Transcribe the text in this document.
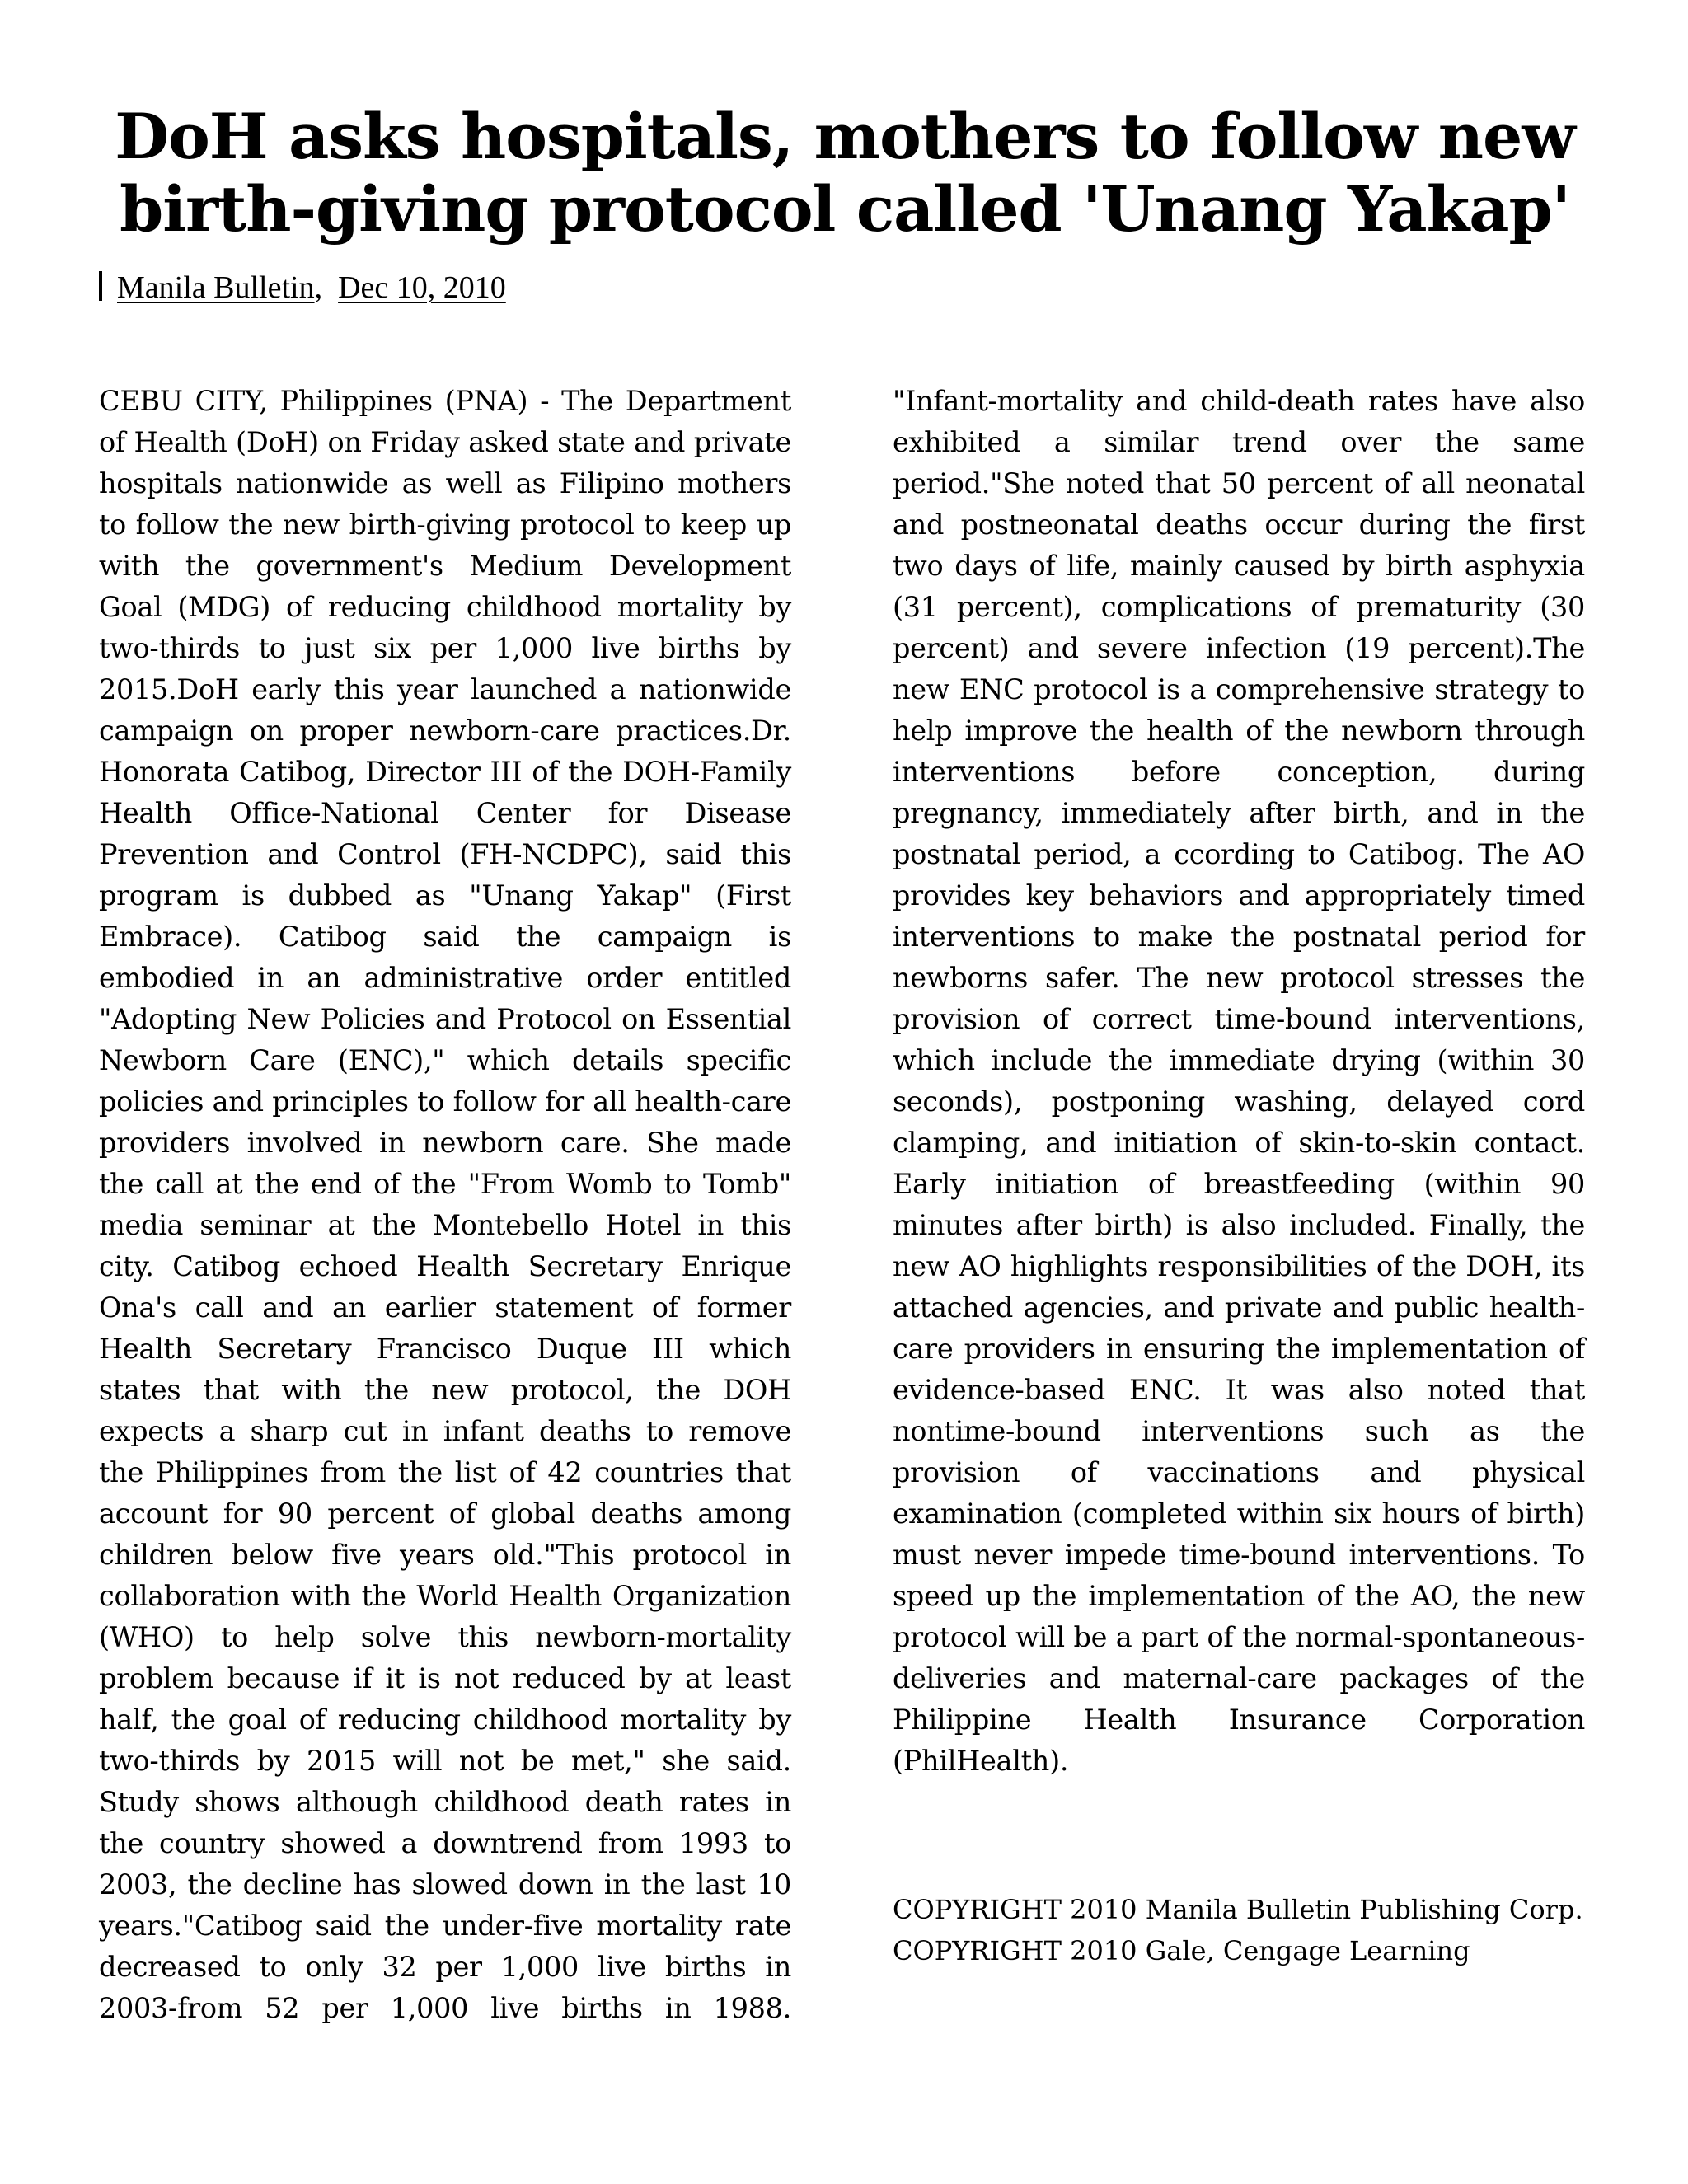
DoH asks hospitals, mothers to follow new birth-giving protocol called 'Unang Yakap'
Manila Bulletin, Dec 10, 2010

CEBU CITY, Philippines (PNA) - The Department of Health (DoH) on Friday asked state and private hospitals nationwide as well as Filipino mothers to follow the new birth-giving protocol to keep up with the government's Medium Development Goal (MDG) of reducing childhood mortality by two-thirds to just six per 1,000 live births by 2015.DoH early this year launched a nationwide campaign on proper newborn-care practices.Dr. Honorata Catibog, Director III of the DOH-Family Health Office-National Center for Disease Prevention and Control (FH-NCDPC), said this program is dubbed as "Unang Yakap" (First Embrace). Catibog said the campaign is embodied in an administrative order entitled "Adopting New Policies and Protocol on Essential Newborn Care (ENC)," which details specific policies and principles to follow for all health-care providers involved in newborn care. She made the call at the end of the "From Womb to Tomb" media seminar at the Montebello Hotel in this city. Catibog echoed Health Secretary Enrique Ona's call and an earlier statement of former Health Secretary Francisco Duque III which states that with the new protocol, the DOH expects a sharp cut in infant deaths to remove the Philippines from the list of 42 countries that account for 90 percent of global deaths among children below five years old."This protocol in collaboration with the World Health Organization (WHO) to help solve this newborn-mortality problem because if it is not reduced by at least half, the goal of reducing childhood mortality by two-thirds by 2015 will not be met," she said. Study shows although childhood death rates in the country showed a downtrend from 1993 to 2003, the decline has slowed down in the last 10 years."Catibog said the under-five mortality rate decreased to only 32 per 1,000 live births in 2003-from 52 per 1,000 live births in 1988.

"Infant-mortality and child-death rates have also exhibited a similar trend over the same period."She noted that 50 percent of all neonatal and postneonatal deaths occur during the first two days of life, mainly caused by birth asphyxia (31 percent), complications of prematurity (30 percent) and severe infection (19 percent).The new ENC protocol is a comprehensive strategy to help improve the health of the newborn through interventions before conception, during pregnancy, immediately after birth, and in the postnatal period, a ccording to Catibog. The AO provides key behaviors and appropriately timed interventions to make the postnatal period for newborns safer. The new protocol stresses the provision of correct time-bound interventions, which include the immediate drying (within 30 seconds), postponing washing, delayed cord clamping, and initiation of skin-to-skin contact. Early initiation of breastfeeding (within 90 minutes after birth) is also included. Finally, the new AO highlights responsibilities of the DOH, its attached agencies, and private and public health-care providers in ensuring the implementation of evidence-based ENC. It was also noted that nontime-bound interventions such as the provision of vaccinations and physical examination (completed within six hours of birth) must never impede time-bound interventions. To speed up the implementation of the AO, the new protocol will be a part of the normal-spontaneous-deliveries and maternal-care packages of the Philippine Health Insurance Corporation (PhilHealth).

COPYRIGHT 2010 Manila Bulletin Publishing Corp.
COPYRIGHT 2010 Gale, Cengage Learning
